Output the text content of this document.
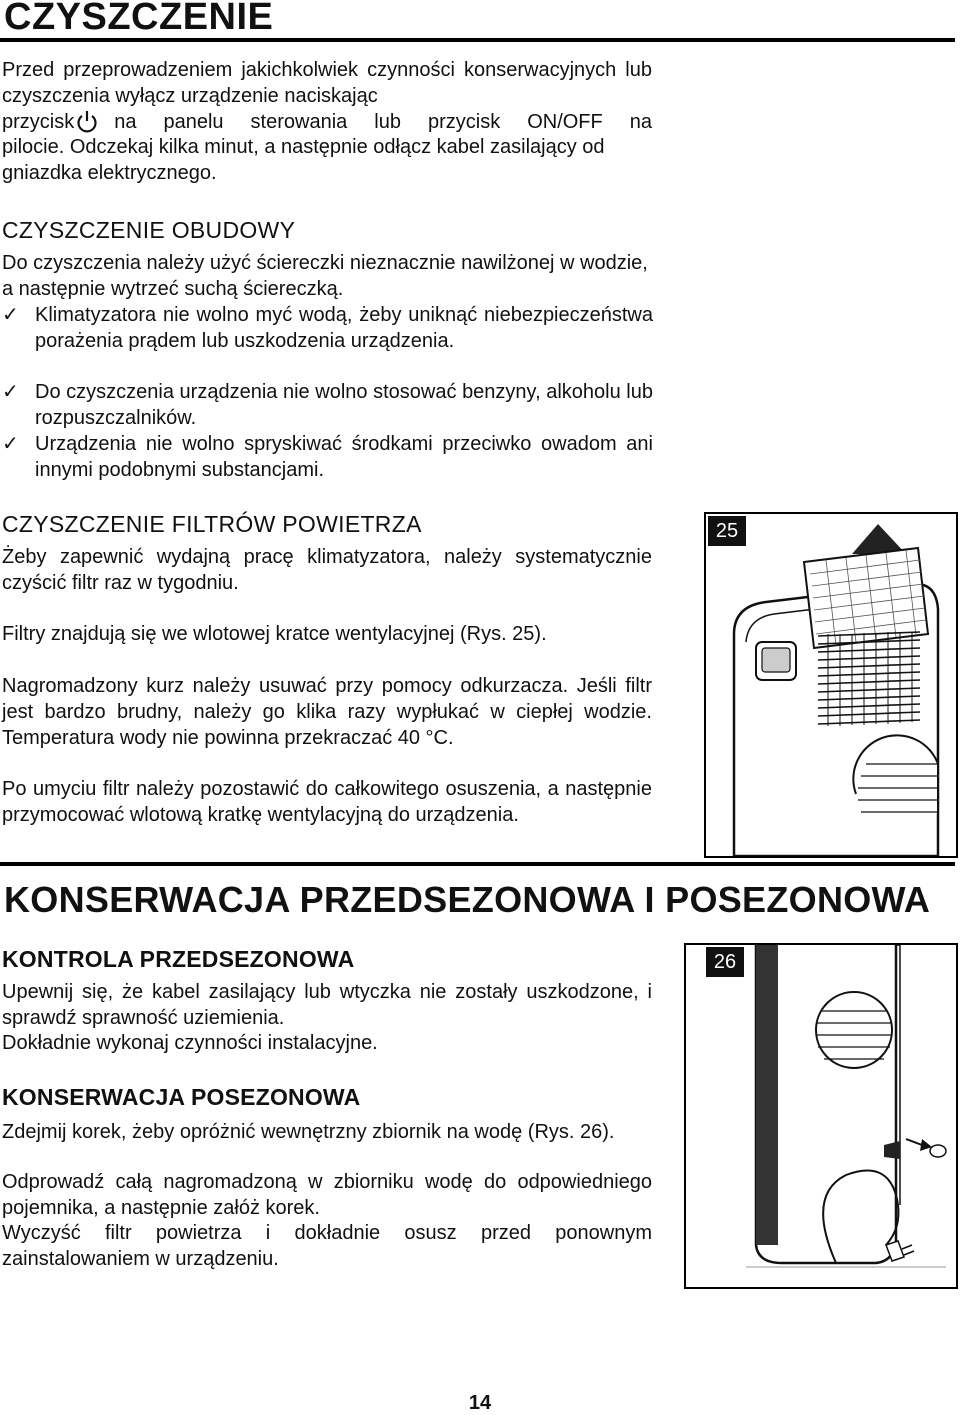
CZYSZCZENIE
Przed przeprowadzeniem jakichkolwiek czynności konserwacyjnych lub czyszczenia wyłącz urządzenie naciskając
przycisk na panelu sterowania lub przycisk ON/OFF na
pilocie. Odczekaj kilka minut, a następnie odłącz kabel zasilający od gniazdka elektrycznego.
CZYSZCZENIE OBUDOWY
Do czyszczenia należy użyć ściereczki nieznacznie nawilżonej w wodzie, a następnie wytrzeć suchą ściereczką.
✓ Klimatyzatora nie wolno myć wodą, żeby uniknąć niebezpieczeństwa porażenia prądem lub uszkodzenia urządzenia.
✓ Do czyszczenia urządzenia nie wolno stosować benzyny, alkoholu lub rozpuszczalników.
✓ Urządzenia nie wolno spryskiwać środkami przeciwko owadom ani innymi podobnymi substancjami.
CZYSZCZENIE FILTRÓW POWIETRZA
Żeby zapewnić wydajną pracę klimatyzatora, należy systematycznie czyścić filtr raz w tygodniu.
Filtry znajdują się we wlotowej kratce wentylacyjnej (Rys. 25).
Nagromadzony kurz należy usuwać przy pomocy odkurzacza. Jeśli filtr jest bardzo brudny, należy go klika razy wypłukać w ciepłej wodzie. Temperatura wody nie powinna przekraczać 40 °C.
Po umyciu filtr należy pozostawić do całkowitego osuszenia, a następnie przymocować wlotową kratkę wentylacyjną do urządzenia.
25
KONSERWACJA PRZEDSEZONOWA I POSEZONOWA
KONTROLA PRZEDSEZONOWA
Upewnij się, że kabel zasilający lub wtyczka nie zostały uszkodzone, i sprawdź sprawność uziemienia.
Dokładnie wykonaj czynności instalacyjne.
KONSERWACJA POSEZONOWA
Zdejmij korek, żeby opróżnić wewnętrzny zbiornik na wodę (Rys. 26).
Odprowadź całą nagromadzoną w zbiorniku wodę do odpowiedniego pojemnika, a następnie załóż korek.
Wyczyść filtr powietrza i dokładnie osusz przed ponownym zainstalowaniem w urządzeniu.
26
14
